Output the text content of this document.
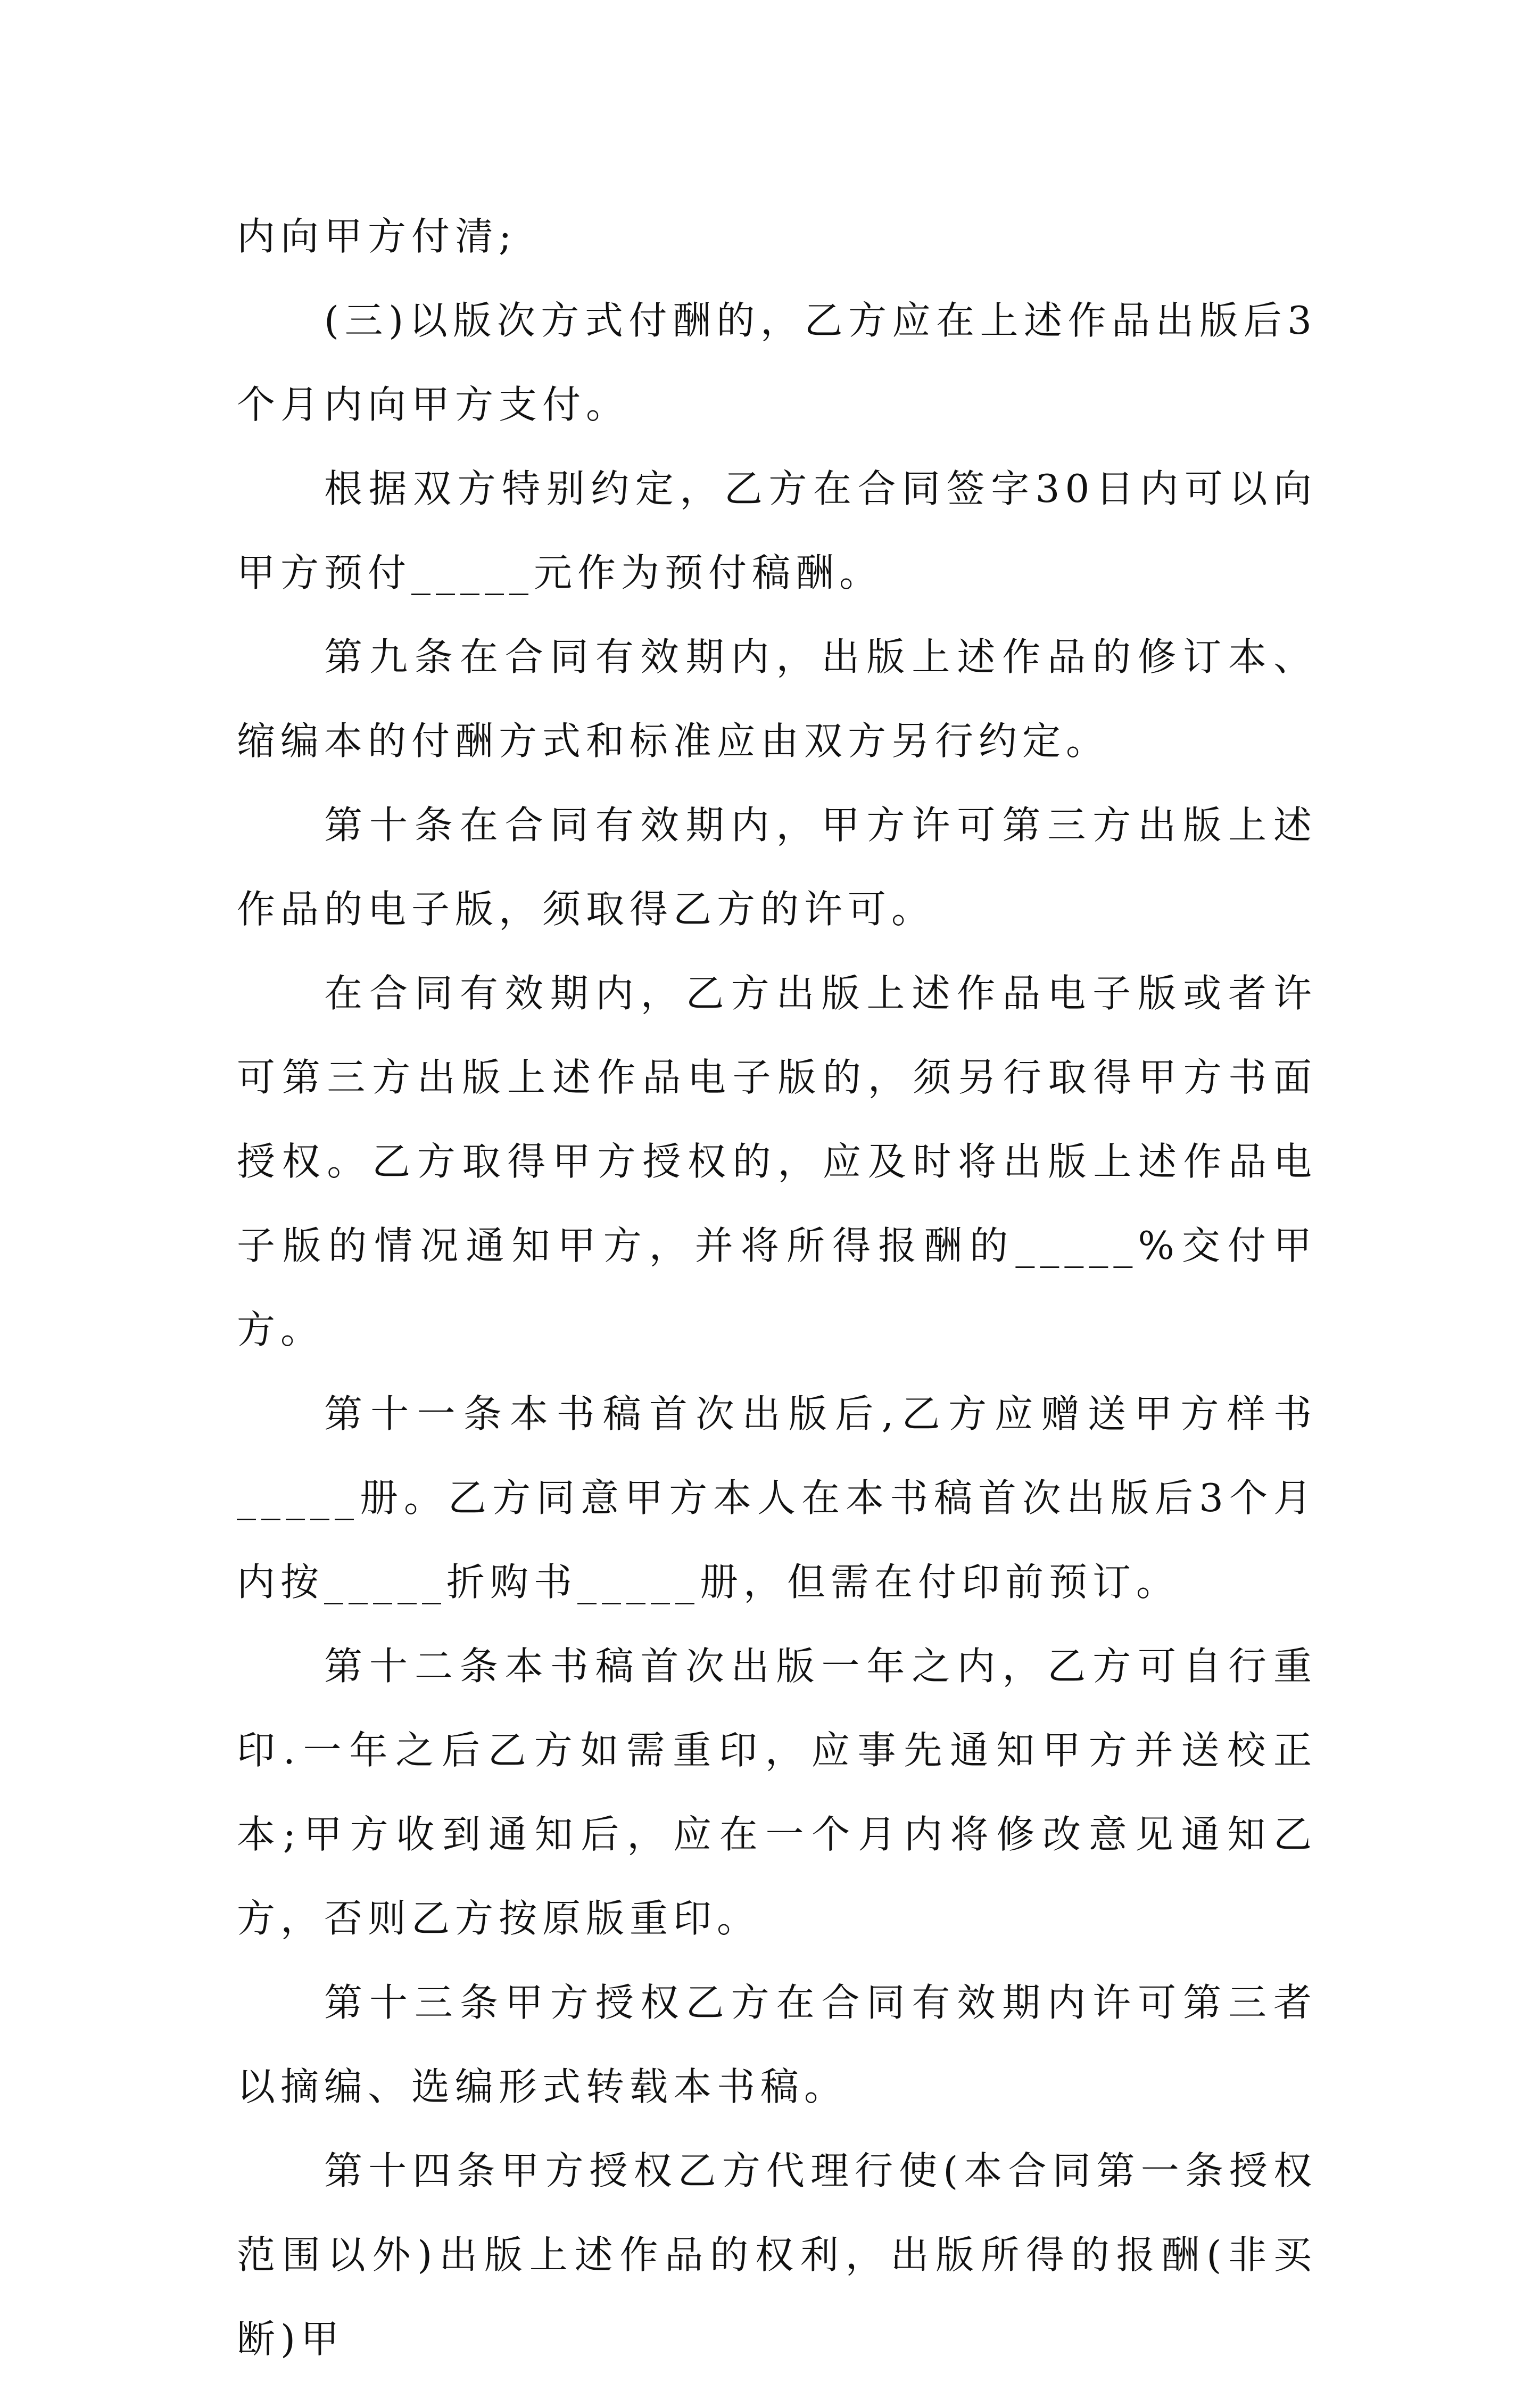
内向甲方付清;

(三)以版次方式付酬的，乙方应在上述作品出版后3个月内向甲方支付。

根据双方特别约定，乙方在合同签字30日内可以向甲方预付_____元作为预付稿酬。

第九条在合同有效期内，出版上述作品的修订本、缩编本的付酬方式和标准应由双方另行约定。

第十条在合同有效期内，甲方许可第三方出版上述作品的电子版，须取得乙方的许可。

在合同有效期内，乙方出版上述作品电子版或者许可第三方出版上述作品电子版的，须另行取得甲方书面授权。乙方取得甲方授权的，应及时将出版上述作品电子版的情况通知甲方，并将所得报酬的_____%交付甲方。

第十一条本书稿首次出版后,乙方应赠送甲方样书_____册。乙方同意甲方本人在本书稿首次出版后3个月内按_____折购书_____册，但需在付印前预订。

第十二条本书稿首次出版一年之内，乙方可自行重印.一年之后乙方如需重印，应事先通知甲方并送校正本;甲方收到通知后，应在一个月内将修改意见通知乙方，否则乙方按原版重印。

第十三条甲方授权乙方在合同有效期内许可第三者以摘编、选编形式转载本书稿。

第十四条甲方授权乙方代理行使(本合同第一条授权范围以外)出版上述作品的权利，出版所得的报酬(非买断)甲
